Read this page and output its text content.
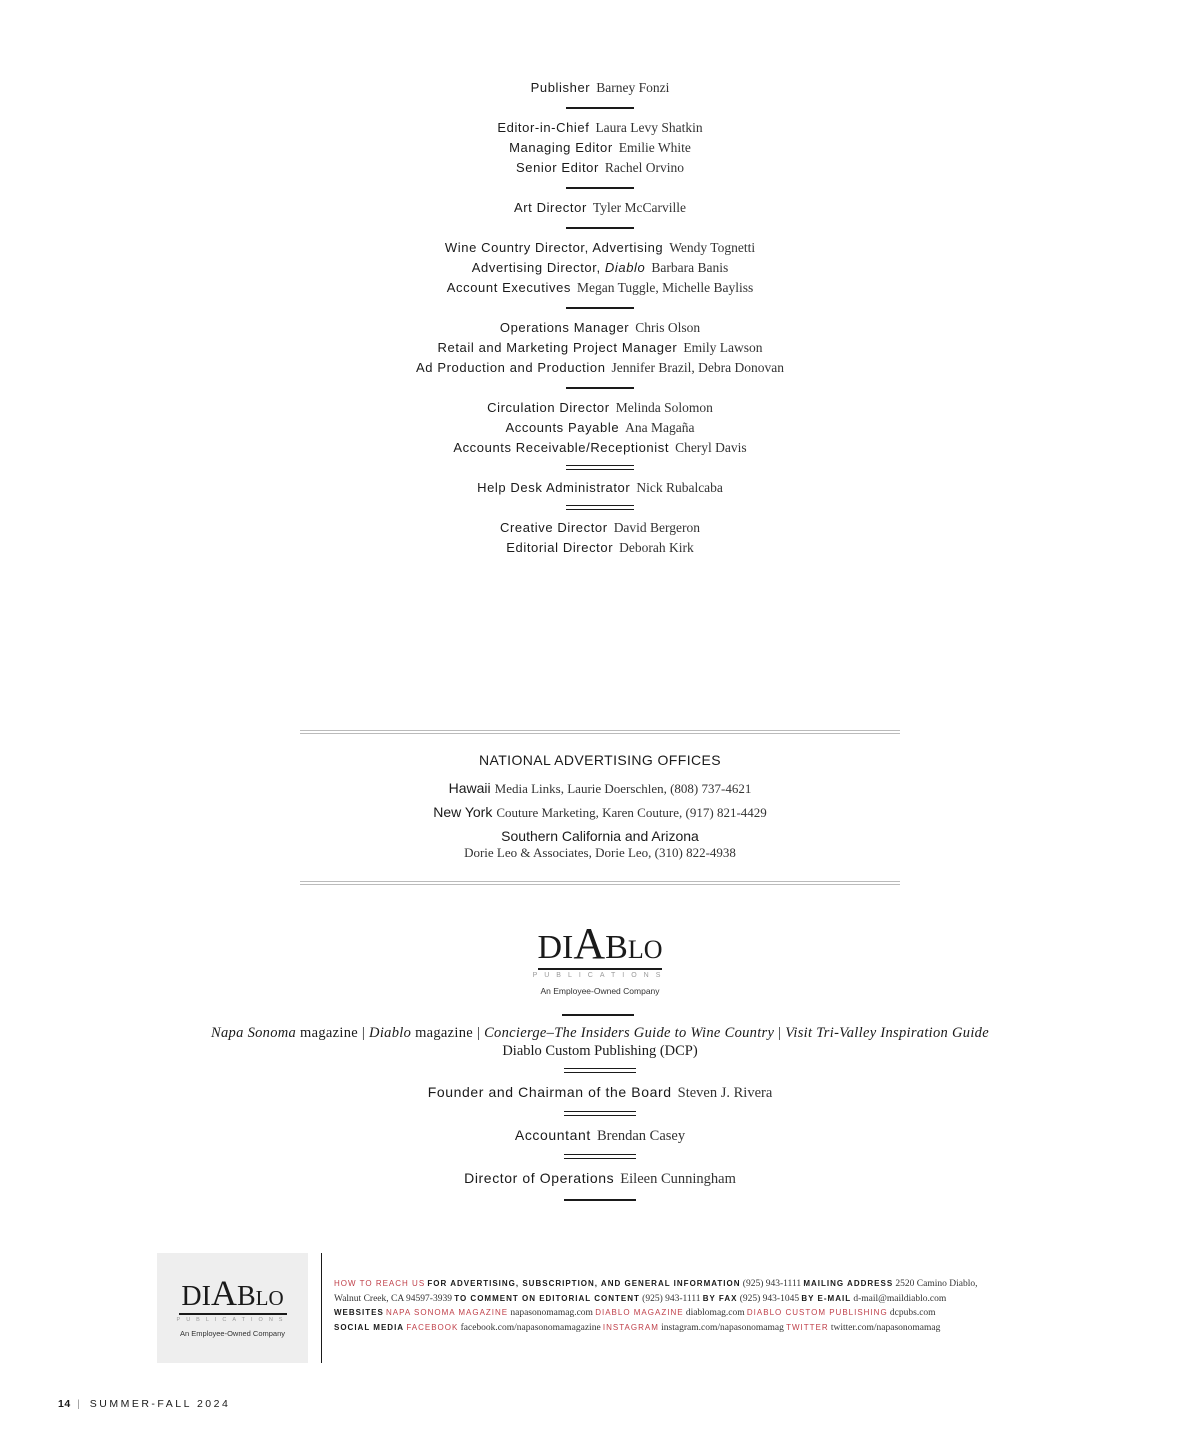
Publisher Barney Fonzi
Editor-in-Chief Laura Levy Shatkin
Managing Editor Emilie White
Senior Editor Rachel Orvino
Art Director Tyler McCarville
Wine Country Director, Advertising Wendy Tognetti
Advertising Director, Diablo Barbara Banis
Account Executives Megan Tuggle, Michelle Bayliss
Operations Manager Chris Olson
Retail and Marketing Project Manager Emily Lawson
Ad Production and Production Jennifer Brazil, Debra Donovan
Circulation Director Melinda Solomon
Accounts Payable Ana Magaña
Accounts Receivable/Receptionist Cheryl Davis
Help Desk Administrator Nick Rubalcaba
Creative Director David Bergeron
Editorial Director Deborah Kirk
NATIONAL ADVERTISING OFFICES
Hawaii Media Links, Laurie Doerschlen, (808) 737-4621
New York Couture Marketing, Karen Couture, (917) 821-4429
Southern California and Arizona
Dorie Leo & Associates, Dorie Leo, (310) 822-4938
DIABLO
PUBLICATIONS
An Employee-Owned Company
Napa Sonoma magazine | Diablo magazine | Concierge–The Insiders Guide to Wine Country | Visit Tri-Valley Inspiration Guide
Diablo Custom Publishing (DCP)
Founder and Chairman of the Board Steven J. Rivera
Accountant Brendan Casey
Director of Operations Eileen Cunningham
DIABLO
PUBLICATIONS
An Employee-Owned Company
HOW TO REACH US FOR ADVERTISING, SUBSCRIPTION, AND GENERAL INFORMATION (925) 943-1111 MAILING ADDRESS 2520 Camino Diablo,
Walnut Creek, CA 94597-3939 TO COMMENT ON EDITORIAL CONTENT (925) 943-1111 BY FAX (925) 943-1045 BY E-MAIL d-mail@maildiablo.com
WEBSITES NAPA SONOMA MAGAZINE napasonomamag.com DIABLO MAGAZINE diablomag.com DIABLO CUSTOM PUBLISHING dcpubs.com
SOCIAL MEDIA FACEBOOK facebook.com/napasonomamagazine INSTAGRAM instagram.com/napasonomamag TWITTER twitter.com/napasonomamag
14 | SUMMER-FALL 2024
